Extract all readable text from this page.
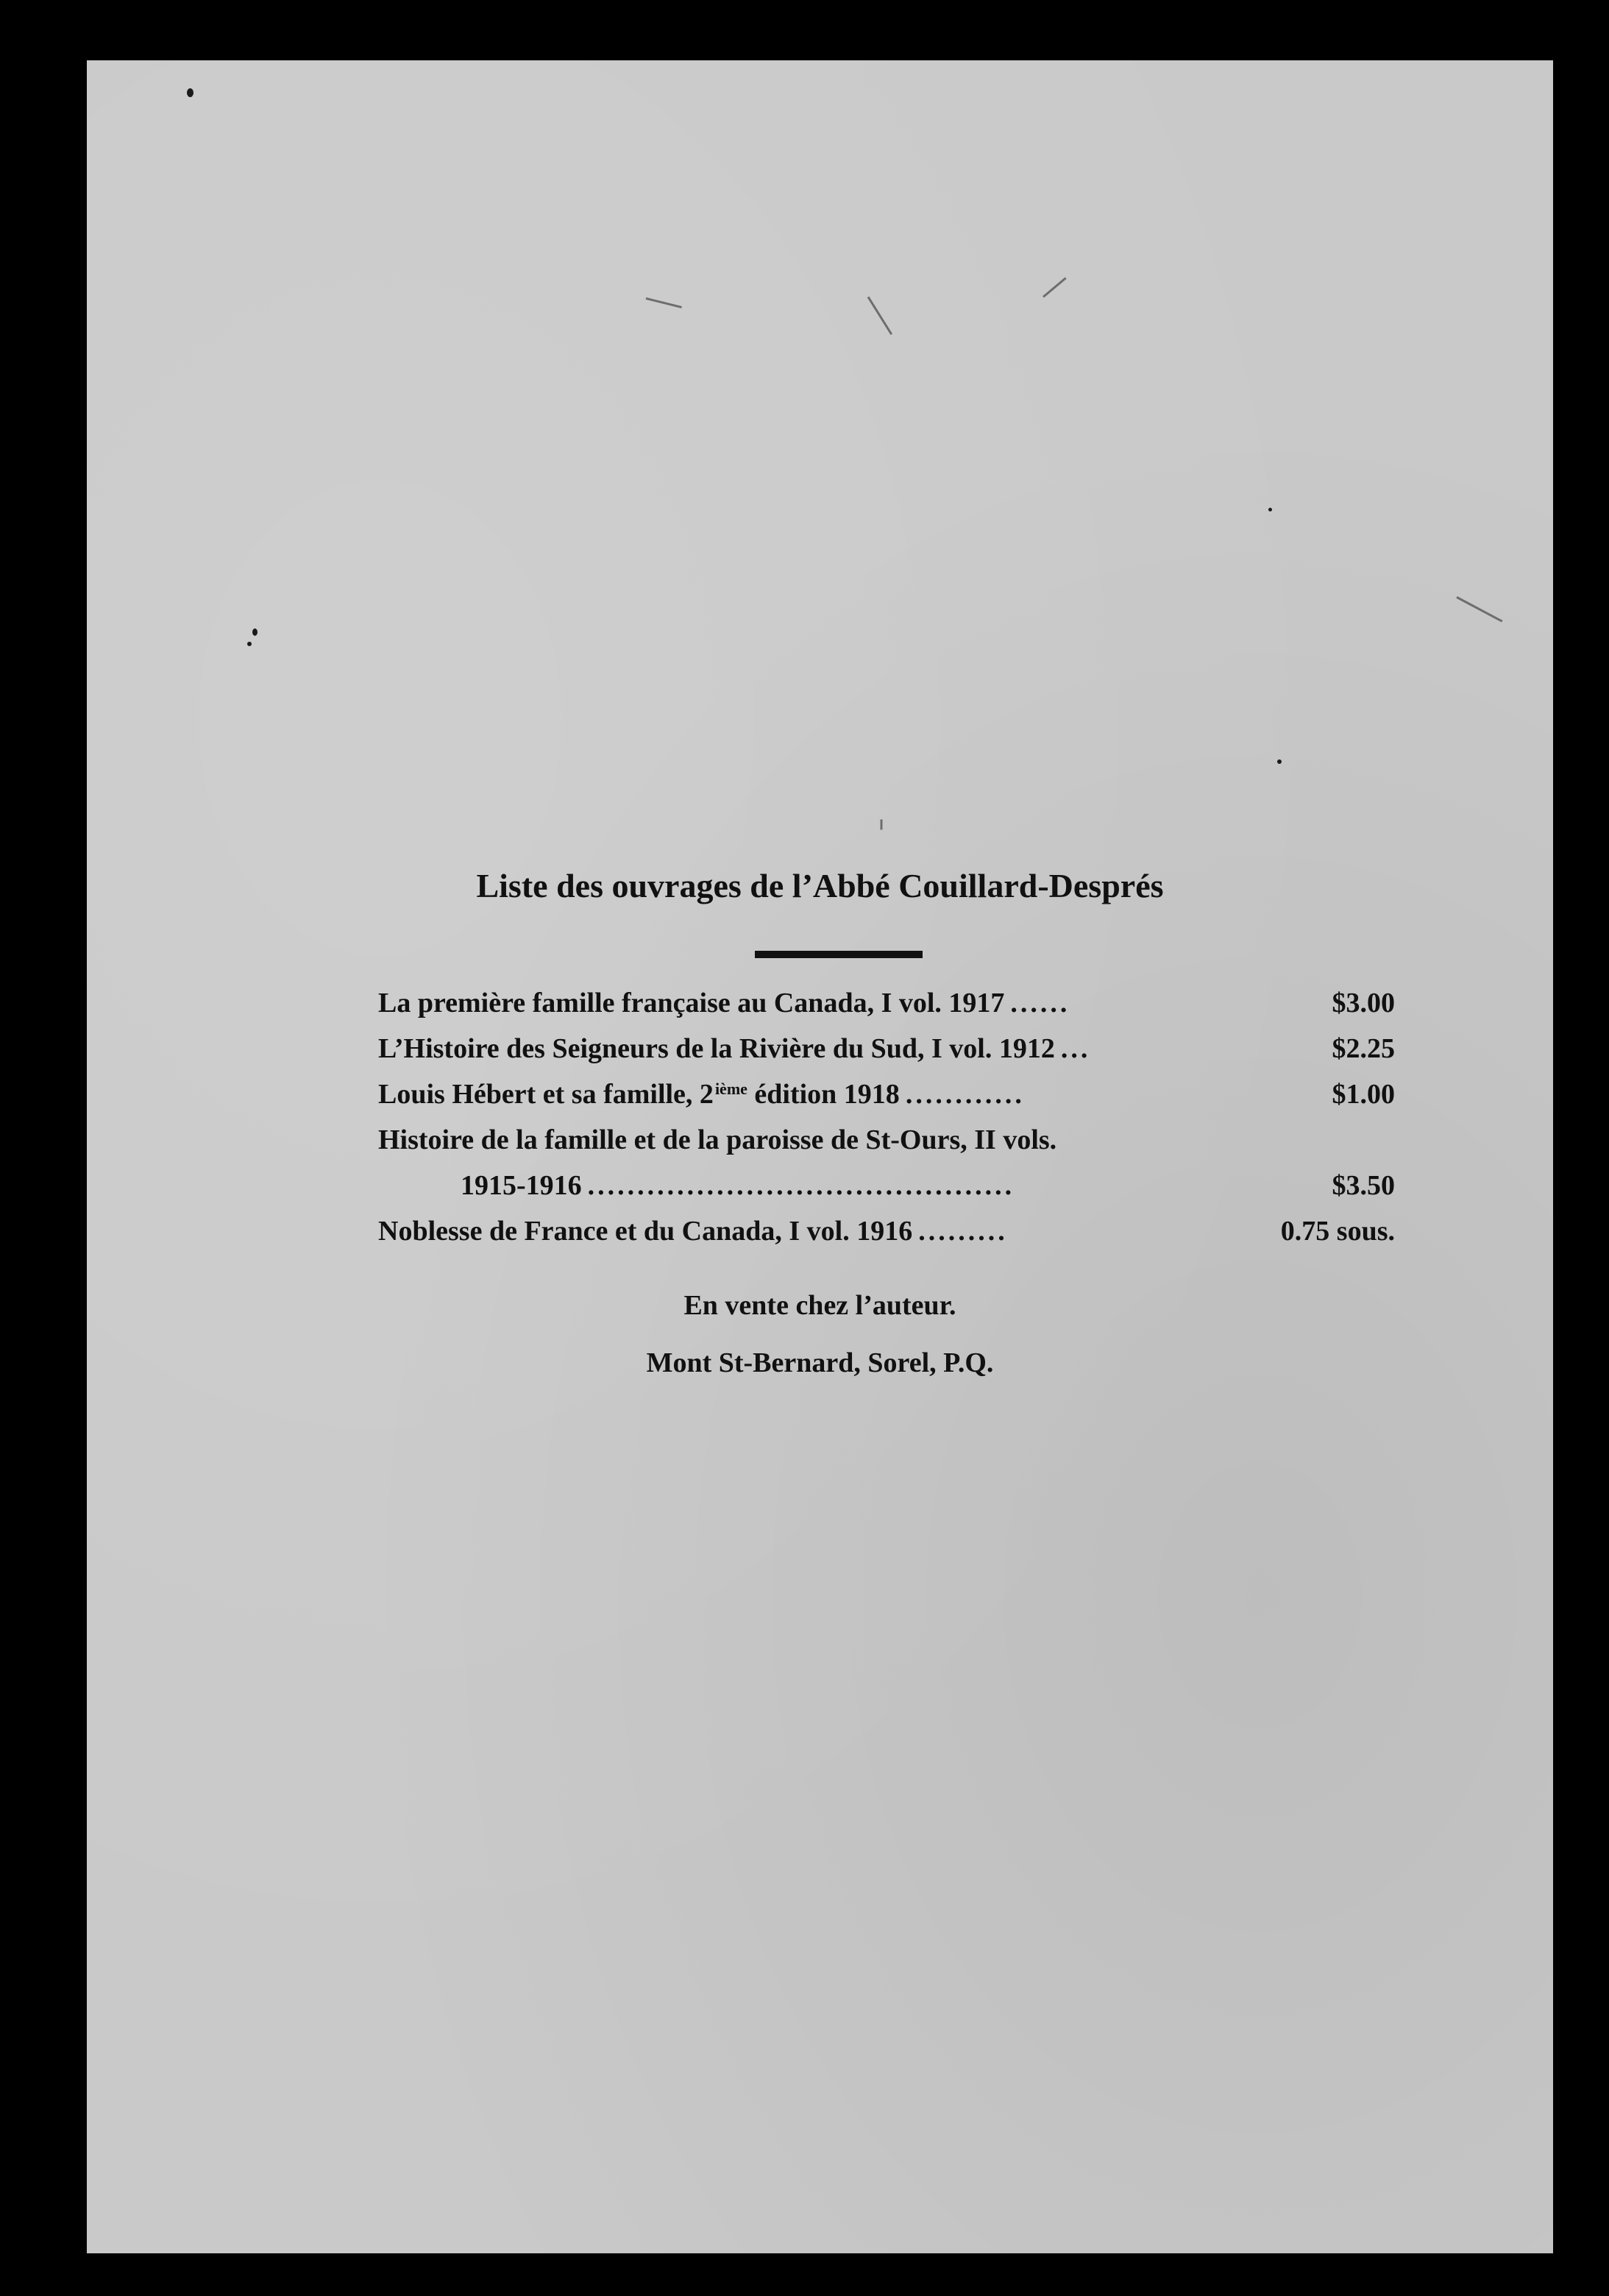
Liste des ouvrages de l’Abbé Couillard-Després
La première famille française au Canada, I vol. 1917 ......	$3.00
L’Histoire des Seigneurs de la Rivière du Sud, I vol. 1912 ...	$2.25
Louis Hébert et sa famille, 2ième édition 1918 ............	$1.00
Histoire de la famille et de la paroisse de St-Ours, II vols.
1915-1916 ...........................................	$3.50
Noblesse de France et du Canada, I vol. 1916 .........	0.75 sous.
En vente chez l’auteur.
Mont St-Bernard, Sorel, P.Q.
